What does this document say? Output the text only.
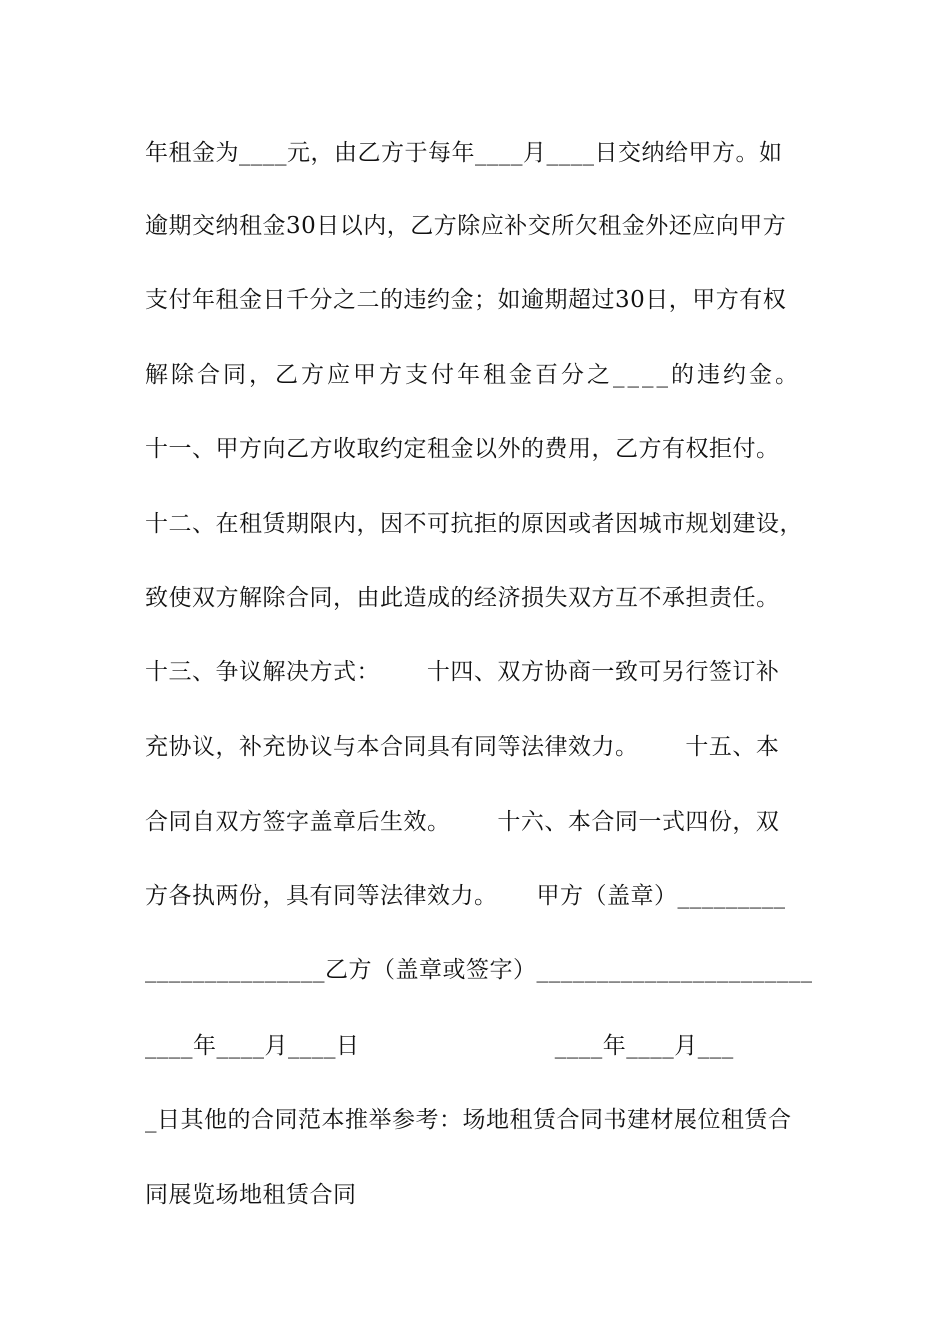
年租金为____元，由乙方于每年____月____日交纳给甲方。如
逾期交纳租金30日以内，乙方除应补交所欠租金外还应向甲方
支付年租金日千分之二的违约金；如逾期超过30日，甲方有权
解除合同，乙方应甲方支付年租金百分之____的违约金。
十一、甲方向乙方收取约定租金以外的费用，乙方有权拒付。
十二、在租赁期限内，因不可抗拒的原因或者因城市规划建设，
致使双方解除合同，由此造成的经济损失双方互不承担责任。
十三、争议解决方式：      十四、双方协商一致可另行签订补
充协议，补充协议与本合同具有同等法律效力。      十五、本
合同自双方签字盖章后生效。      十六、本合同一式四份，双
方各执两份，具有同等法律效力。     甲方（盖章）_________
_______________乙方（盖章或签字）_______________________
____年____月____日                         ____年____月___
_日其他的合同范本推举参考：场地租赁合同书建材展位租赁合
同展览场地租赁合同
